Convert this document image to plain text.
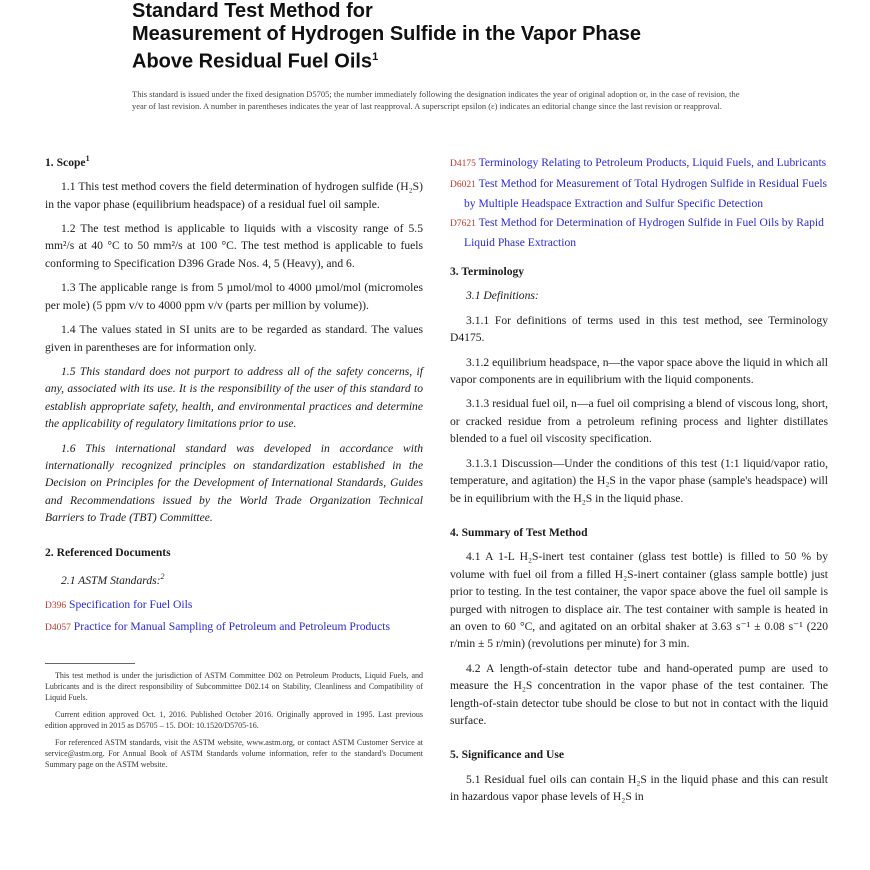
Standard Test Method for
Measurement of Hydrogen Sulfide in the Vapor Phase
Above Residual Fuel Oils$^1$
This standard is issued under the fixed designation D5705; the number immediately following the designation indicates the year of original adoption or, in the case of revision, the year of last revision. A number in parentheses indicates the year of last reapproval. A superscript epsilon (ε) indicates an editorial change since the last revision or reapproval.
1. Scope$^1$

1.1 This test method covers the field determination of hydrogen sulfide (H₂S) in the vapor phase (equilibrium headspace) of a residual fuel oil sample.

1.2 The test method is applicable to liquids with a viscosity range of 5.5 mm²/s at 40 °C to 50 mm²/s at 100 °C. The test method is applicable to fuels conforming to Specification D396 Grade Nos. 4, 5 (Heavy), and 6.

1.3 The applicable range is from 5 µmol/mol to 4000 µmol/mol (micromoles per mole) (5 ppm v/v to 4000 ppm v/v (parts per million by volume)).

1.4 The values stated in SI units are to be regarded as standard. The values given in parentheses are for information only.

1.5 This standard does not purport to address all of the safety concerns, if any, associated with its use. It is the responsibility of the user of this standard to establish appropriate safety, health, and environmental practices and determine the applicability of regulatory limitations prior to use.

1.6 This international standard was developed in accordance with internationally recognized principles on standardization established in the Decision on Principles for the Development of International Standards, Guides and Recommendations issued by the World Trade Organization Technical Barriers to Trade (TBT) Committee.

2. Referenced Documents

2.1 ASTM Standards:$^2$

D396 Specification for Fuel Oils
D4057 Practice for Manual Sampling of Petroleum and Petroleum Products
This test method is under the jurisdiction of ASTM Committee D02 on Petroleum Products, Liquid Fuels, and Lubricants and is the direct responsibility of Subcommittee D02.14 on Stability, Cleanliness and Compatibility of Liquid Fuels.
Current edition approved Oct. 1, 2016. Published October 2016. Originally approved in 1995. Last previous edition approved in 2015 as D5705 – 15. DOI: 10.1520/D5705-16.
For referenced ASTM standards, visit the ASTM website, www.astm.org, or contact ASTM Customer Service at service@astm.org. For Annual Book of ASTM Standards volume information, refer to the standard's Document Summary page on the ASTM website.
D4175 Terminology Relating to Petroleum Products, Liquid Fuels, and Lubricants
D6021 Test Method for Measurement of Total Hydrogen Sulfide in Residual Fuels by Multiple Headspace Extraction and Sulfur Specific Detection
D7621 Test Method for Determination of Hydrogen Sulfide in Fuel Oils by Rapid Liquid Phase Extraction
3. Terminology

3.1 Definitions:

3.1.1 For definitions of terms used in this test method, see Terminology D4175.

3.1.2 equilibrium headspace, n—the vapor space above the liquid in which all vapor components are in equilibrium with the liquid components.

3.1.3 residual fuel oil, n—a fuel oil comprising a blend of viscous long, short, or cracked residue from a petroleum refining process and lighter distillates blended to a fuel oil viscosity specification.

3.1.3.1 Discussion—Under the conditions of this test (1:1 liquid/vapor ratio, temperature, and agitation) the H₂S in the vapor phase (sample's headspace) will be in equilibrium with the H₂S in the liquid phase.

4. Summary of Test Method

4.1 A 1-L H₂S-inert test container (glass test bottle) is filled to 50 % by volume with fuel oil from a filled H₂S-inert container (glass sample bottle) just prior to testing. In the test container, the vapor space above the fuel oil sample is purged with nitrogen to displace air. The test container with sample is heated in an oven to 60 °C, and agitated on an orbital shaker at 3.63 s⁻¹ ± 0.08 s⁻¹ (220 r/min ± 5 r/min) (revolutions per minute) for 3 min.

4.2 A length-of-stain detector tube and hand-operated pump are used to measure the H₂S concentration in the vapor phase of the test container. The length-of-stain detector tube should be close to but not in contact with the liquid surface.

5. Significance and Use

5.1 Residual fuel oils can contain H₂S in the liquid phase and this can result in hazardous vapor phase levels of H₂S in
